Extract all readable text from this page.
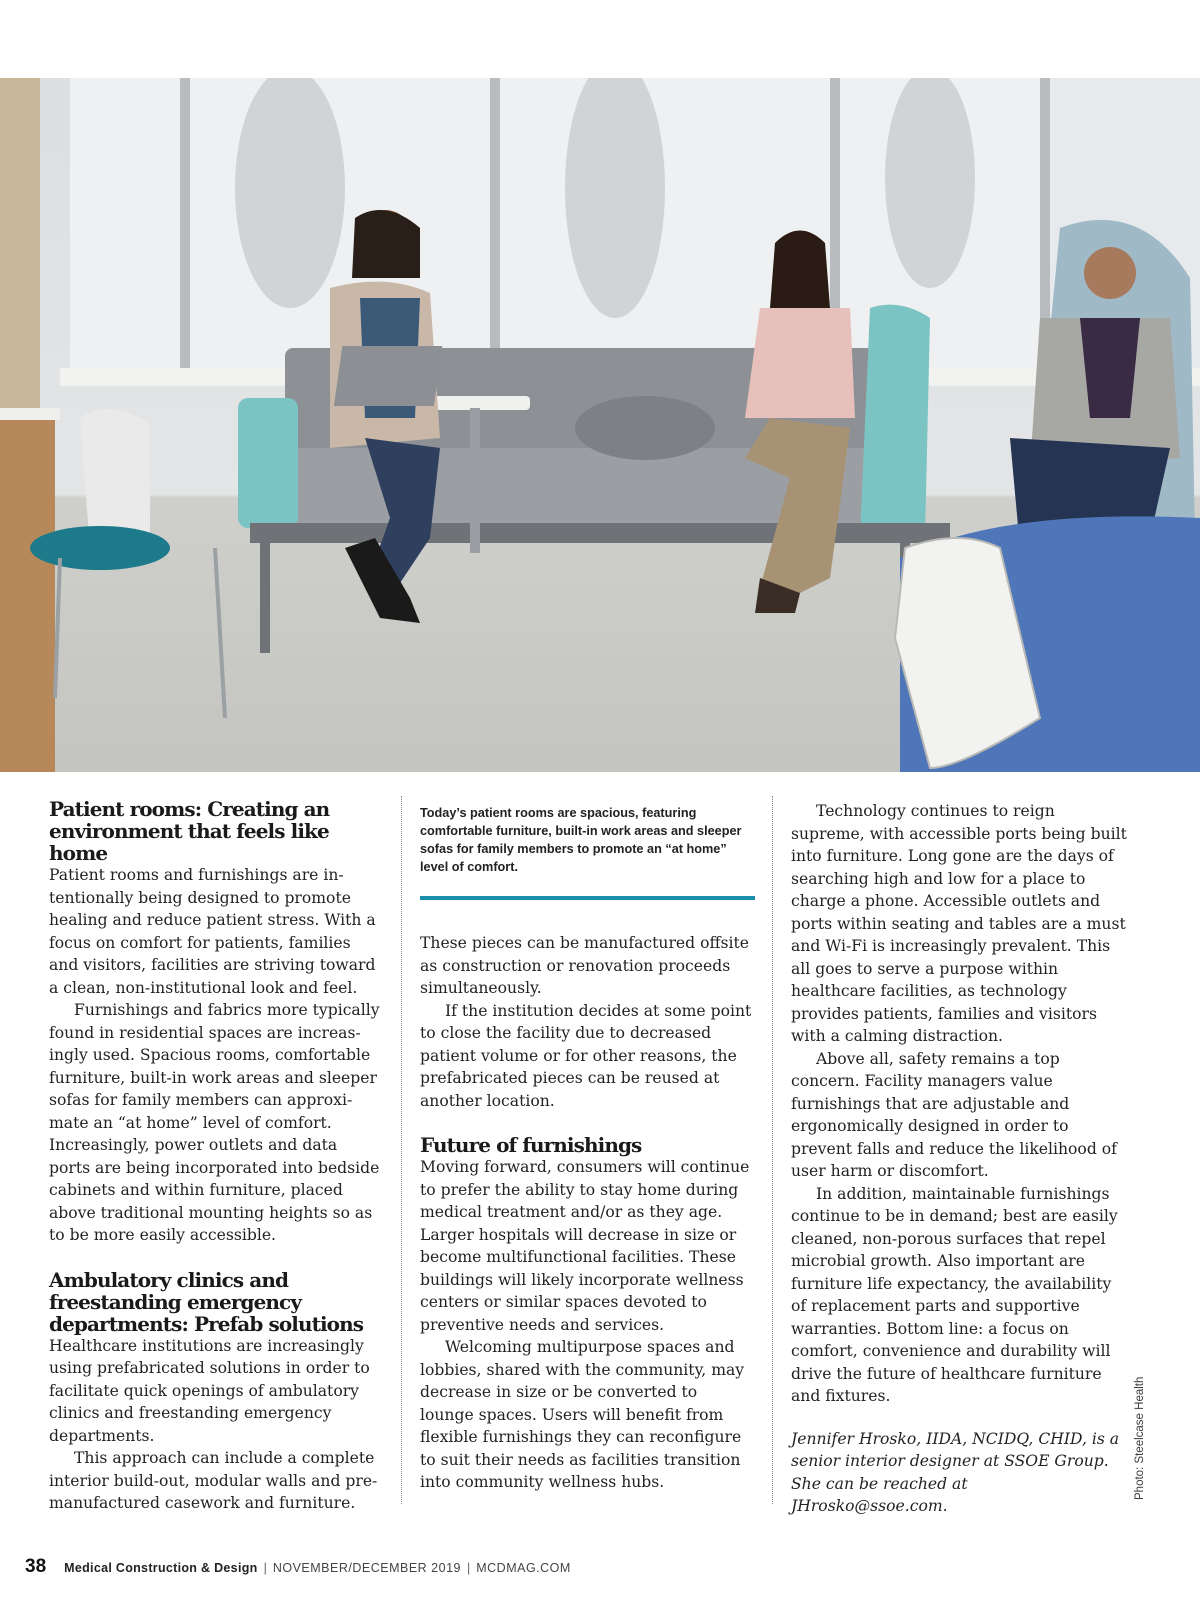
Patient rooms: Creating an environment that feels like home

Patient rooms and furnishings are intentionally being designed to promote healing and reduce patient stress. With a focus on comfort for patients, families and visitors, facilities are striving toward a clean, non-institutional look and feel.

Furnishings and fabrics more typically found in residential spaces are increasingly used. Spacious rooms, comfortable furniture, built-in work areas and sleeper sofas for family members can approximate an “at home” level of comfort. Increasingly, power outlets and data ports are being incorporated into bedside cabinets and within furniture, placed above traditional mounting heights so as to be more easily accessible.

Ambulatory clinics and freestanding emergency departments: Prefab solutions

Healthcare institutions are increasingly using prefabricated solutions in order to facilitate quick openings of ambulatory clinics and freestanding emergency departments.

This approach can include a complete interior build-out, modular walls and pre-manufactured casework and furniture.

Today’s patient rooms are spacious, featuring comfortable furniture, built-in work areas and sleeper sofas for family members to promote an “at home” level of comfort.

These pieces can be manufactured offsite as construction or renovation proceeds simultaneously.

If the institution decides at some point to close the facility due to decreased patient volume or for other reasons, the prefabricated pieces can be reused at another location.

Future of furnishings

Moving forward, consumers will continue to prefer the ability to stay home during medical treatment and/or as they age. Larger hospitals will decrease in size or become multifunctional facilities. These buildings will likely incorporate wellness centers or similar spaces devoted to preventive needs and services.

Welcoming multipurpose spaces and lobbies, shared with the community, may decrease in size or be converted to lounge spaces. Users will benefit from flexible furnishings they can reconfigure to suit their needs as facilities transition into community wellness hubs.

Technology continues to reign supreme, with accessible ports being built into furniture. Long gone are the days of searching high and low for a place to charge a phone. Accessible outlets and ports within seating and tables are a must and Wi-Fi is increasingly prevalent. This all goes to serve a purpose within healthcare facilities, as technology provides patients, families and visitors with a calming distraction.

Above all, safety remains a top concern. Facility managers value furnishings that are adjustable and ergonomically designed in order to prevent falls and reduce the likelihood of user harm or discomfort.

In addition, maintainable furnishings continue to be in demand; best are easily cleaned, non-porous surfaces that repel microbial growth. Also important are furniture life expectancy, the availability of replacement parts and supportive warranties. Bottom line: a focus on comfort, convenience and durability will drive the future of healthcare furniture and fixtures.

Jennifer Hrosko, IIDA, NCIDQ, CHID, is a senior interior designer at SSOE Group. She can be reached at JHrosko@ssoe.com.

Photo: Steelcase Health
38 Medical Construction & Design | NOVEMBER/DECEMBER 2019 | MCDMAG.COM
